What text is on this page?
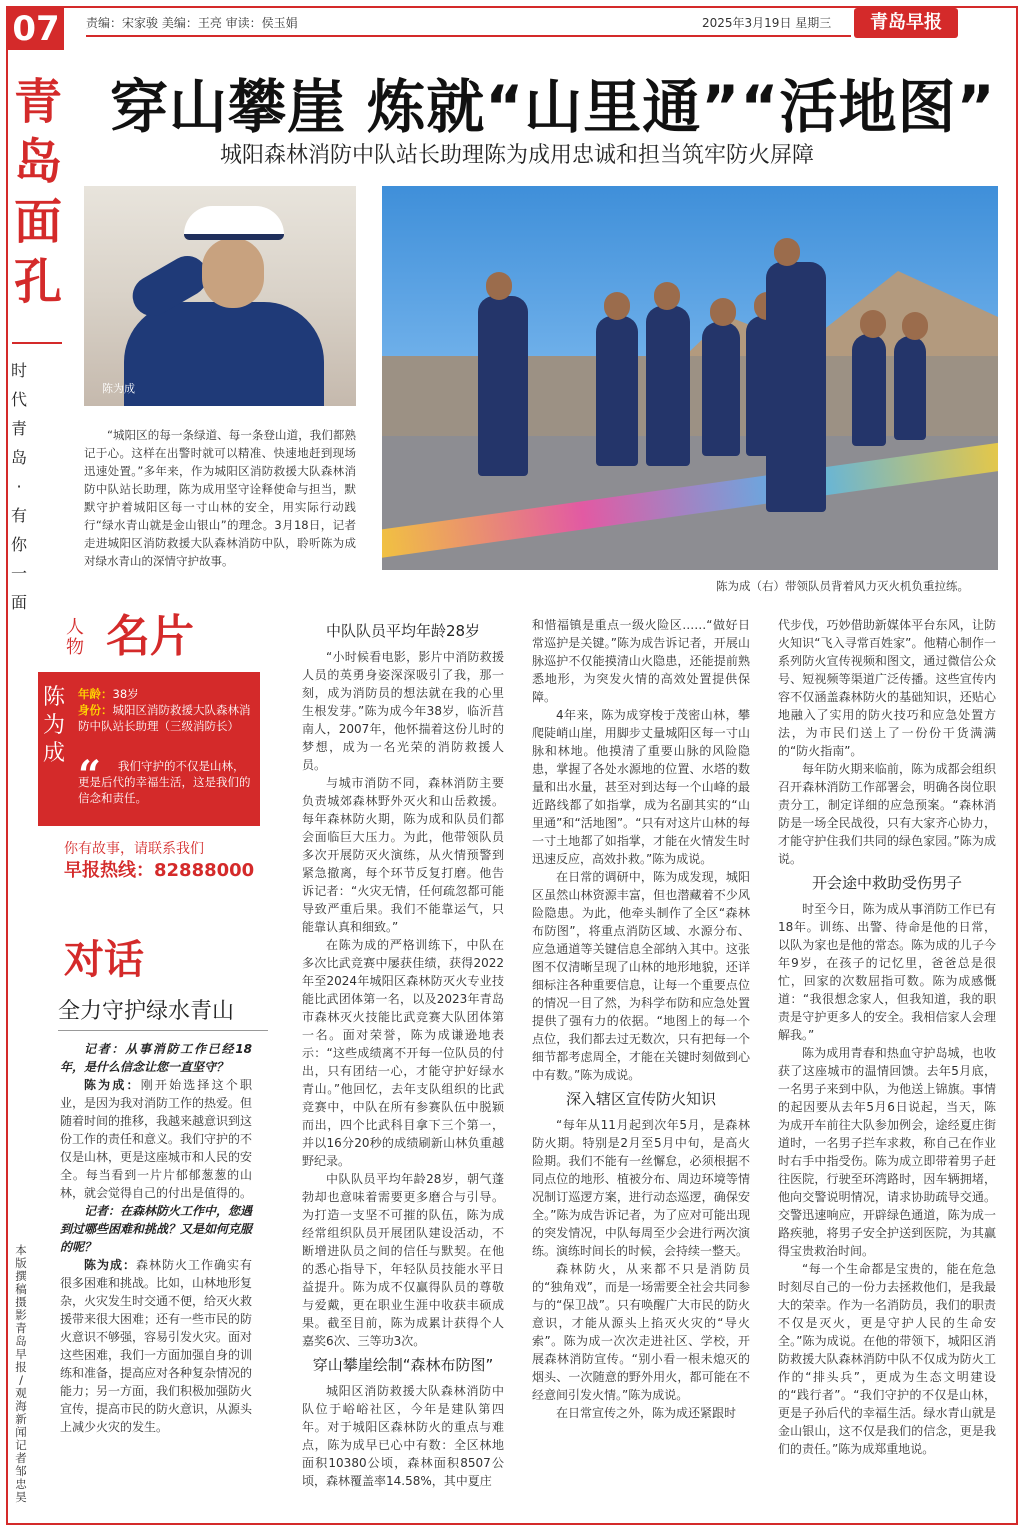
07	责编：宋家骏 美编：王亮 审读：侯玉娟	2025年3月19日 星期三	青岛早报
青
岛
面
孔
时
代
青
岛
·
有
你
一
面
穿山攀崖 炼就“山里通”“活地图”
城阳森林消防中队站长助理陈为成用忠诚和担当筑牢防火屏障
陈为成
陈为成（右）带领队员背着风力灭火机负重拉练。
“城阳区的每一条绿道、每一条登山道，我们都熟记于心。这样在出警时就可以精准、快速地赶到现场迅速处置。”多年来，作为城阳区消防救援大队森林消防中队站长助理，陈为成用坚守诠释使命与担当，默默守护着城阳区每一寸山林的安全，用实际行动践行“绿水青山就是金山银山”的理念。3月18日，记者走进城阳区消防救援大队森林消防中队，聆听陈为成对绿水青山的深情守护故事。
人
物 名片
陈
为
成
年龄：38岁
身份：城阳区消防救援大队森林消防中队站长助理（三级消防长）
“	我们守护的不仅是山林，更是后代的幸福生活，这是我们的信念和责任。
你有故事，请联系我们
早报热线：82888000
对话
全力守护绿水青山

记者：从事消防工作已经18年，是什么信念让您一直坚守？

陈为成：刚开始选择这个职业，是因为我对消防工作的热爱。但随着时间的推移，我越来越意识到这份工作的责任和意义。我们守护的不仅是山林，更是这座城市和人民的安全。每当看到一片片郁郁葱葱的山林，就会觉得自己的付出是值得的。

记者：在森林防火工作中，您遇到过哪些困难和挑战？又是如何克服的呢？

陈为成：森林防火工作确实有很多困难和挑战。比如，山林地形复杂，火灾发生时交通不便，给灭火救援带来很大困难；还有一些市民的防火意识不够强，容易引发火灾。面对这些困难，我们一方面加强自身的训练和准备，提高应对各种复杂情况的能力；另一方面，我们积极加强防火宣传，提高市民的防火意识，从源头上减少火灾的发生。

本
版
撰
稿
摄
影
青
岛
早
报
/
观
海
新
闻
记
者
邹
忠
昊
中队队员平均年龄28岁

“小时候看电影，影片中消防救援人员的英勇身姿深深吸引了我，那一刻，成为消防员的想法就在我的心里生根发芽。”陈为成今年38岁，临沂莒南人，2007年，他怀揣着这份儿时的梦想，成为一名光荣的消防救援人员。

与城市消防不同，森林消防主要负责城郊森林野外灭火和山岳救援。每年森林防火期，陈为成和队员们都会面临巨大压力。为此，他带领队员多次开展防灭火演练，从火情预警到紧急撤离，每个环节反复打磨。他告诉记者：“火灾无情，任何疏忽都可能导致严重后果。我们不能靠运气，只能靠认真和细致。”

在陈为成的严格训练下，中队在多次比武竞赛中屡获佳绩，获得2022年至2024年城阳区森林防灭火专业技能比武团体第一名，以及2023年青岛市森林灭火技能比武竞赛大队团体第一名。面对荣誉，陈为成谦逊地表示：“这些成绩离不开每一位队员的付出，只有团结一心，才能守护好绿水青山。”他回忆，去年支队组织的比武竞赛中，中队在所有参赛队伍中脱颖而出，四个比武科目拿下三个第一，并以16分20秒的成绩刷新山林负重越野纪录。

中队队员平均年龄28岁，朝气蓬勃却也意味着需要更多磨合与引导。为打造一支坚不可摧的队伍，陈为成经常组织队员开展团队建设活动，不断增进队员之间的信任与默契。在他的悉心指导下，年轻队员技能水平日益提升。陈为成不仅赢得队员的尊敬与爱戴，更在职业生涯中收获丰硕成果。截至目前，陈为成累计获得个人嘉奖6次、三等功3次。

穿山攀崖绘制“森林布防图”

城阳区消防救援大队森林消防中队位于峪峪社区，今年是建队第四年。对于城阳区森林防火的重点与难点，陈为成早已心中有数：全区林地面积10380公顷，森林面积8507公顷，森林覆盖率14.58%，其中夏庄

和惜福镇是重点一级火险区……“做好日常巡护是关键。”陈为成告诉记者，开展山脉巡护不仅能摸清山火隐患，还能提前熟悉地形，为突发火情的高效处置提供保障。

4年来，陈为成穿梭于茂密山林，攀爬陡峭山崖，用脚步丈量城阳区每一寸山脉和林地。他摸清了重要山脉的风险隐患，掌握了各处水源地的位置、水塔的数量和出水量，甚至对到达每一个山峰的最近路线都了如指掌，成为名副其实的“山里通”和“活地图”。“只有对这片山林的每一寸土地都了如指掌，才能在火情发生时迅速反应，高效扑救。”陈为成说。

在日常的调研中，陈为成发现，城阳区虽然山林资源丰富，但也潜藏着不少风险隐患。为此，他牵头制作了全区“森林布防图”，将重点消防区域、水源分布、应急通道等关键信息全部纳入其中。这张图不仅清晰呈现了山林的地形地貌，还详细标注各种重要信息，让每一个重要点位的情况一目了然，为科学布防和应急处置提供了强有力的依据。“地图上的每一个点位，我们都去过无数次，只有把每一个细节都考虑周全，才能在关键时刻做到心中有数。”陈为成说。

深入辖区宣传防火知识

“每年从11月起到次年5月，是森林防火期。特别是2月至5月中旬，是高火险期。我们不能有一丝懈怠，必须根据不同点位的地形、植被分布、周边环境等情况制订巡逻方案，进行动态巡逻，确保安全。”陈为成告诉记者，为了应对可能出现的突发情况，中队每周至少会进行两次演练。演练时间长的时候，会持续一整天。

森林防火，从来都不只是消防员的“独角戏”，而是一场需要全社会共同参与的“保卫战”。只有唤醒广大市民的防火意识，才能从源头上掐灭火灾的“导火索”。陈为成一次次走进社区、学校，开展森林消防宣传。“别小看一根未熄灭的烟头、一次随意的野外用火，都可能在不经意间引发火情。”陈为成说。

在日常宣传之外，陈为成还紧跟时

代步伐，巧妙借助新媒体平台东风，让防火知识“飞入寻常百姓家”。他精心制作一系列防火宣传视频和图文，通过微信公众号、短视频等渠道广泛传播。这些宣传内容不仅涵盖森林防火的基础知识，还贴心地融入了实用的防火技巧和应急处置方法，为市民们送上了一份份干货满满的“防火指南”。

每年防火期来临前，陈为成都会组织召开森林消防工作部署会，明确各岗位职责分工，制定详细的应急预案。“森林消防是一场全民战役，只有大家齐心协力，才能守护住我们共同的绿色家园。”陈为成说。

开会途中救助受伤男子

时至今日，陈为成从事消防工作已有18年。训练、出警、待命是他的日常，以队为家也是他的常态。陈为成的儿子今年9岁，在孩子的记忆里，爸爸总是很忙，回家的次数屈指可数。陈为成感慨道：“我很想念家人，但我知道，我的职责是守护更多人的安全。我相信家人会理解我。”

陈为成用青春和热血守护岛城，也收获了这座城市的温情回馈。去年5月底，一名男子来到中队，为他送上锦旗。事情的起因要从去年5月6日说起，当天，陈为成开车前往大队参加例会，途经夏庄街道时，一名男子拦车求救，称自己在作业时右手中指受伤。陈为成立即带着男子赶往医院，行驶至环湾路时，因车辆拥堵，他向交警说明情况，请求协助疏导交通。交警迅速响应，开辟绿色通道，陈为成一路疾驰，将男子安全护送到医院，为其赢得宝贵救治时间。

“每一个生命都是宝贵的，能在危急时刻尽自己的一份力去拯救他们，是我最大的荣幸。作为一名消防员，我们的职责不仅是灭火，更是守护人民的生命安全。”陈为成说。在他的带领下，城阳区消防救援大队森林消防中队不仅成为防火工作的“排头兵”，更成为生态文明建设的“践行者”。“我们守护的不仅是山林，更是子孙后代的幸福生活。绿水青山就是金山银山，这不仅是我们的信念，更是我们的责任。”陈为成郑重地说。
